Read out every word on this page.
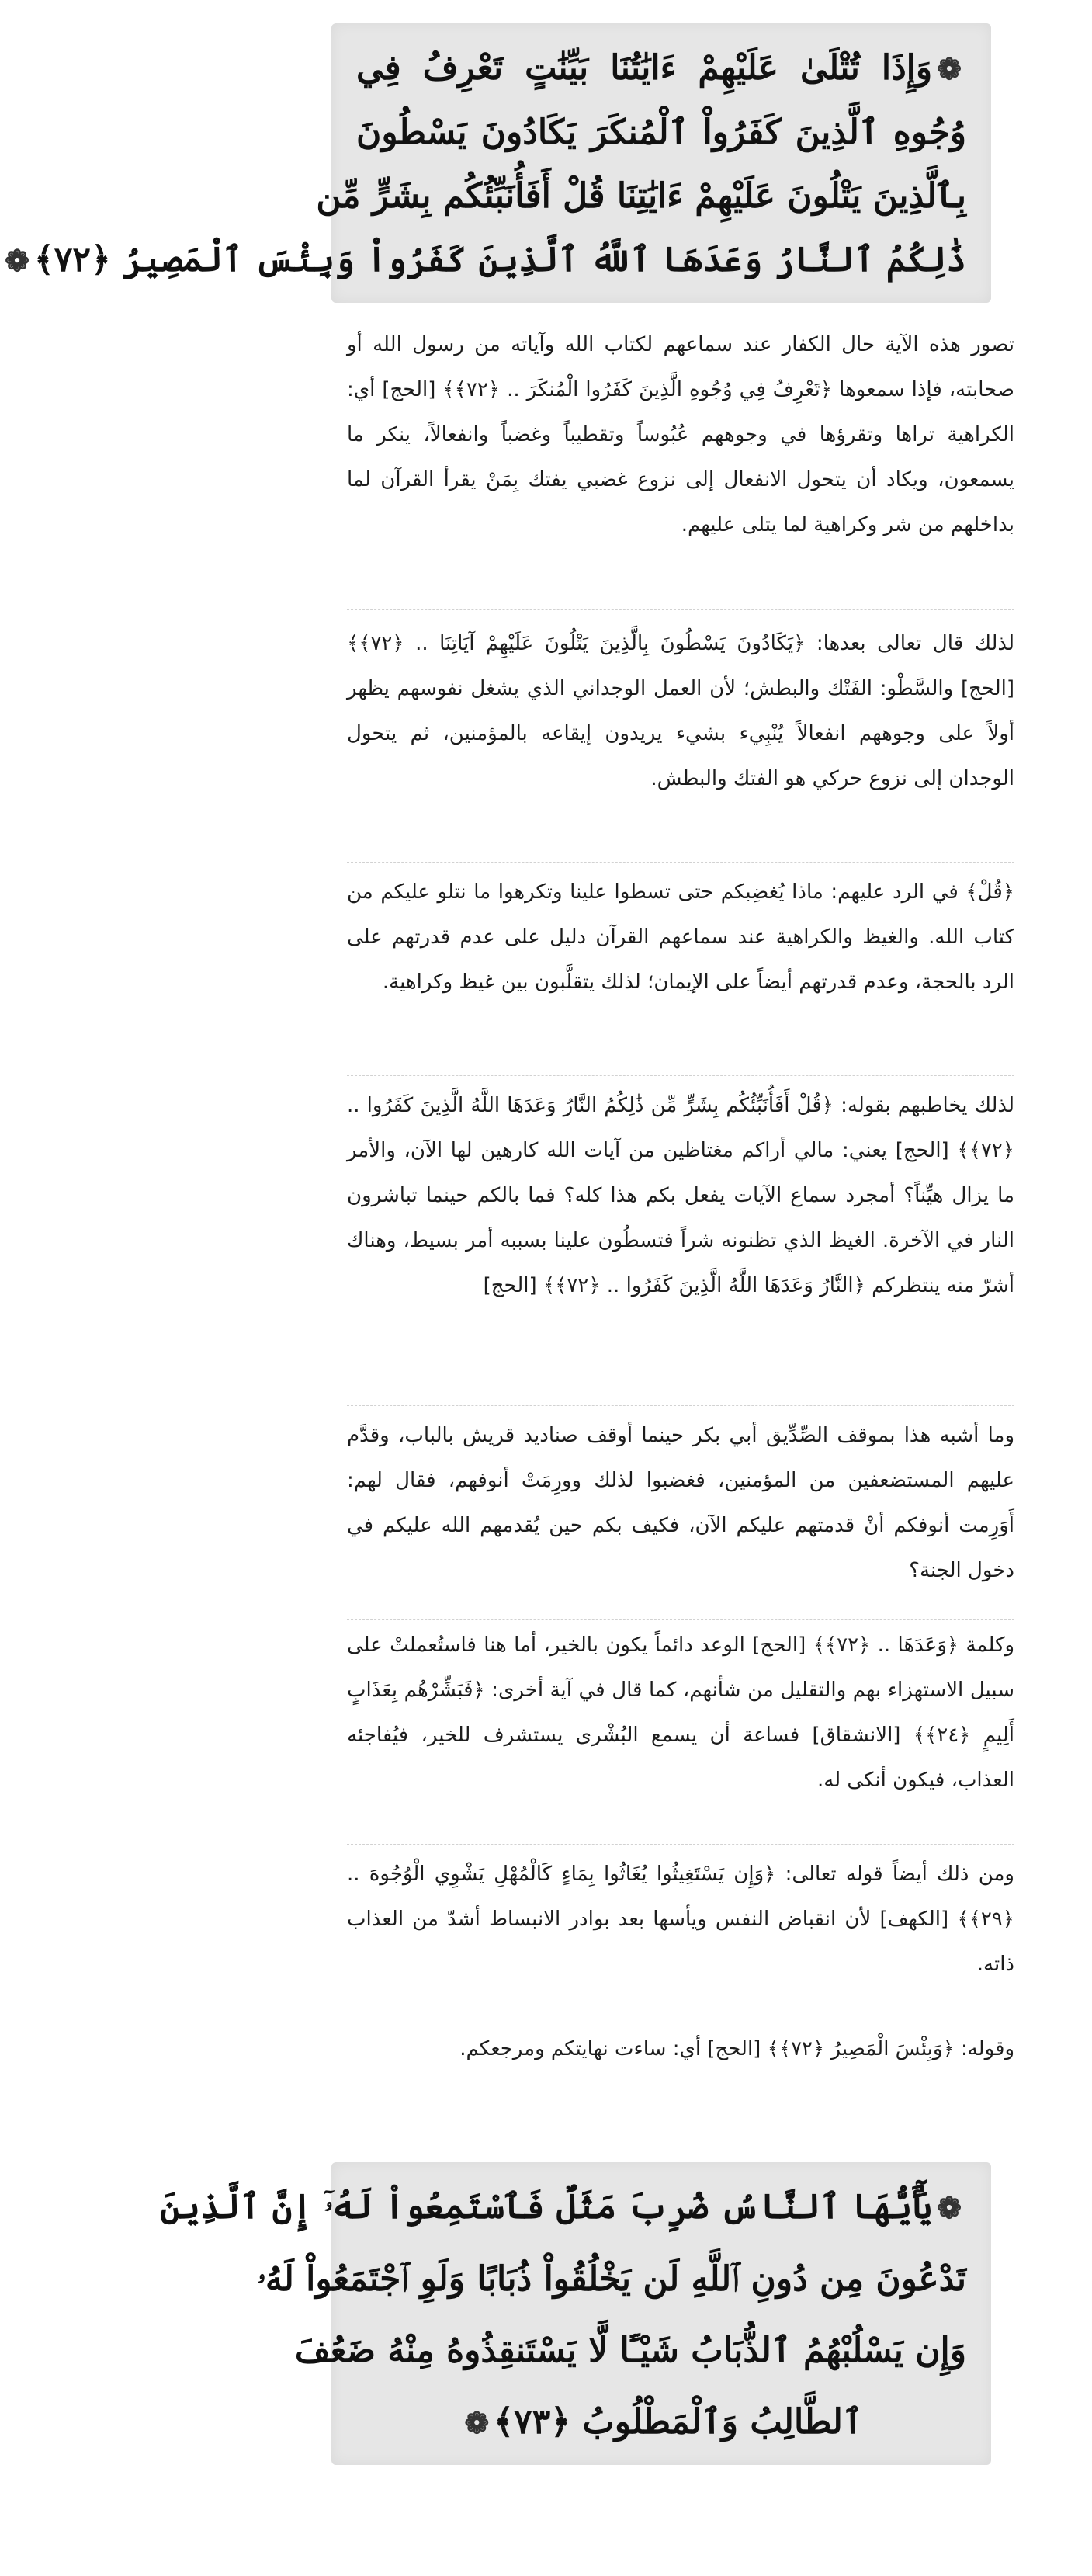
❁وَإِذَا تُتْلَىٰ عَلَيْهِمْ ءَايَٰتُنَا بَيِّنَٰتٍ تَعْرِفُ فِي
وُجُوهِ ٱلَّذِينَ كَفَرُواْ ٱلْمُنكَرَ يَكَادُونَ يَسْطُونَ
بِٱلَّذِينَ يَتْلُونَ عَلَيْهِمْ ءَايَٰتِنَا قُلْ أَفَأُنَبِّئُكُم بِشَرٍّ مِّن
ذَٰلِكُمُ ٱلنَّارُ وَعَدَهَا ٱللَّهُ ٱلَّذِينَ كَفَرُواْ وَبِئْسَ ٱلْمَصِيرُ ﴿٧٢﴾❁

تصور هذه الآية حال الكفار عند سماعهم لكتاب الله وآياته من رسول الله أو صحابته، فإذا سمعوها ﴿تَعْرِفُ فِي وُجُوهِ الَّذِينَ كَفَرُوا الْمُنكَرَ .. ﴿٧٢﴾﴾ [الحج] أي: الكراهية تراها وتقرؤها في وجوههم عُبُوساً وتقطيباً وغضباً وانفعالاً، ينكر ما يسمعون، ويكاد أن يتحول الانفعال إلى نزوع غضبي يفتك بِمَنْ يقرأ القرآن لما بداخلهم من شر وكراهية لما يتلى عليهم.

لذلك قال تعالى بعدها: ﴿يَكَادُونَ يَسْطُونَ بِالَّذِينَ يَتْلُونَ عَلَيْهِمْ آيَاتِنَا .. ﴿٧٢﴾﴾ [الحج] والسَّطْو: الفَتْك والبطش؛ لأن العمل الوجداني الذي يشغل نفوسهم يظهر أولاً على وجوههم انفعالاً يُنْبِيء بشيء يريدون إيقاعه بالمؤمنين، ثم يتحول الوجدان إلى نزوع حركي هو الفتك والبطش.

﴿قُلْ﴾ في الرد عليهم: ماذا يُغضِبكم حتى تسطوا علينا وتكرهوا ما نتلو عليكم من كتاب الله. والغيظ والكراهية عند سماعهم القرآن دليل على عدم قدرتهم على الرد بالحجة، وعدم قدرتهم أيضاً على الإيمان؛ لذلك يتقلَّبون بين غيظ وكراهية.

لذلك يخاطبهم بقوله: ﴿قُلْ أَفَأُنَبِّئُكُم بِشَرٍّ مِّن ذَٰلِكُمُ النَّارُ وَعَدَهَا اللَّهُ الَّذِينَ كَفَرُوا .. ﴿٧٢﴾﴾ [الحج] يعني: مالي أراكم مغتاظين من آيات الله كارهين لها الآن، والأمر ما يزال هيِّناً؟ أمجرد سماع الآيات يفعل بكم هذا كله؟ فما بالكم حينما تباشرون النار في الآخرة. الغيظ الذي تظنونه شراً فتسطُون علينا بسببه أمر بسيط، وهناك أشرّ منه ينتظركم ﴿النَّارُ وَعَدَهَا اللَّهُ الَّذِينَ كَفَرُوا .. ﴿٧٢﴾﴾ [الحج]

وما أشبه هذا بموقف الصِّدِّيق أبي بكر حينما أوقف صناديد قريش بالباب، وقدَّم عليهم المستضعفين من المؤمنين، فغضبوا لذلك وورِمَتْ أنوفهم، فقال لهم: أَوَرِمت أنوفكم أنْ قدمتهم عليكم الآن، فكيف بكم حين يُقدمهم الله عليكم في دخول الجنة؟

وكلمة ﴿وَعَدَهَا .. ﴿٧٢﴾﴾ [الحج] الوعد دائماً يكون بالخير، أما هنا فاستُعملتْ على سبيل الاستهزاء بهم والتقليل من شأنهم، كما قال في آية أخرى: ﴿فَبَشِّرْهُم بِعَذَابٍ أَلِيمٍ ﴿٢٤﴾﴾ [الانشقاق] فساعة أن يسمع البُشْرى يستشرف للخير، فيُفاجئه العذاب، فيكون أنكى له.

ومن ذلك أيضاً قوله تعالى: ﴿وَإِن يَسْتَغِيثُوا يُغَاثُوا بِمَاءٍ كَالْمُهْلِ يَشْوِي الْوُجُوهَ .. ﴿٢٩﴾﴾ [الكهف] لأن انقباض النفس ويأسها بعد بوادر الانبساط أشدّ من العذاب ذاته.

وقوله: ﴿وَبِئْسَ الْمَصِيرُ ﴿٧٢﴾﴾ [الحج] أي: ساءت نهايتكم ومرجعكم.

❁يَٰٓأَيُّهَا ٱلنَّاسُ ضُرِبَ مَثَلٌ فَٱسْتَمِعُواْ لَهُۥٓ إِنَّ ٱلَّذِينَ
تَدْعُونَ مِن دُونِ ٱللَّهِ لَن يَخْلُقُواْ ذُبَابًا وَلَوِ ٱجْتَمَعُواْ لَهُۥ
وَإِن يَسْلُبْهُمُ ٱلذُّبَابُ شَيْـًٔا لَّا يَسْتَنقِذُوهُ مِنْهُ ضَعُفَ
ٱلطَّالِبُ وَٱلْمَطْلُوبُ ﴿٧٣﴾❁
